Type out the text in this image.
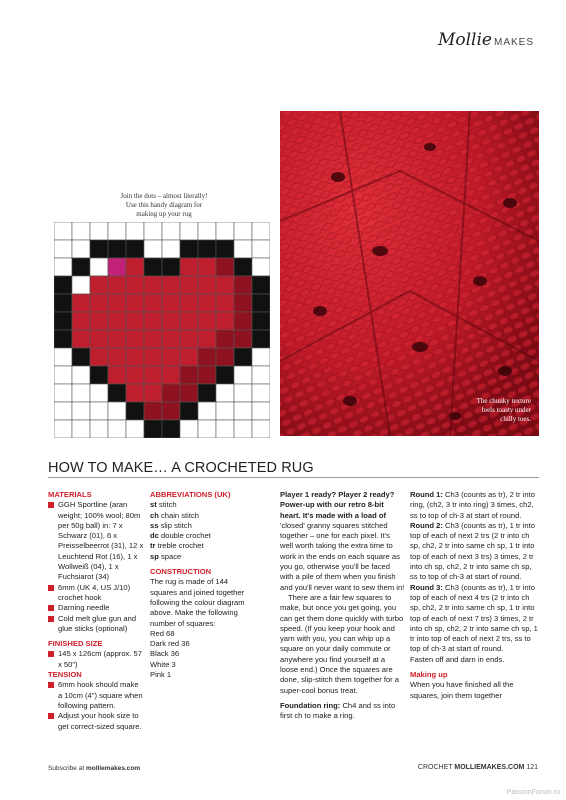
Mollie MAKES
Join the dots – almost literally!
Use this handy diagram for
making up your rug
The chunky texture
feels toasty under
chilly toes.
HOW TO MAKE… A CROCHETED RUG
MATERIALS
GGH Sportline (aran weight; 100% wool; 80m per 50g ball) in: 7 x Schwarz (01), 6 x Preisselbeerrot (31), 12 x Leuchtend Rot (16), 1 x Wollweiß (04), 1 x Fuchsiarot (34)
6mm (UK 4, US J/10) crochet hook
Darning needle
Cold melt glue gun and glue sticks (optional)
FINISHED SIZE
145 x 126cm (approx. 57 x 50")
TENSION
6mm hook should make a 10cm (4") square when following pattern.
Adjust your hook size to get correct-sized square.
ABBREVIATIONS (UK)
st stitch
ch chain stitch
ss slip stitch
dc double crochet
tr treble crochet
sp space
CONSTRUCTION
The rug is made of 144 squares and joined together following the colour diagram above. Make the following number of squares:
Red 68
Dark red 36
Black 36
White 3
Pink 1
Player 1 ready? Player 2 ready? Power-up with our retro 8-bit heart. It's made with a load of
'closed' granny squares stitched together – one for each pixel. It's well worth taking the extra time to work in the ends on each square as you go, otherwise you'll be faced with a pile of them when you finish and you'll never want to sew them in!
There are a fair few squares to make, but once you get going, you can get them done quickly with turbo speed. (If you keep your hook and yarn with you, you can whip up a square on your daily commute or anywhere you find yourself at a loose end.) Once the squares are done, slip-stitch them together for a super-cool bonus treat.
Foundation ring: Ch4 and ss into first ch to make a ring.
Round 1: Ch3 (counts as tr), 2 tr into ring, (ch2, 3 tr into ring) 3 times, ch2, ss to top of ch-3 at start of round.
Round 2: Ch3 (counts as tr), 1 tr into top of each of next 2 trs (2 tr into ch sp, ch2, 2 tr into same ch sp, 1 tr into top of each of next 3 trs) 3 times, 2 tr into ch sp, ch2, 2 tr into same ch sp, ss to top of ch-3 at start of round.
Round 3: Ch3 (counts as tr), 1 tr into top of each of next 4 trs (2 tr into ch sp, ch2, 2 tr into same ch sp, 1 tr into top of each of next 7 trs) 3 times, 2 tr into ch sp, ch2, 2 tr into same ch sp, 1 tr into top of each of next 2 trs, ss to top of ch-3 at start of round.
Fasten off and darn in ends.
Making up
When you have finished all the squares, join them together
Subscribe at molliemakes.com	CROCHET MOLLIEMAKES.COM 121
PassionForum.ru
